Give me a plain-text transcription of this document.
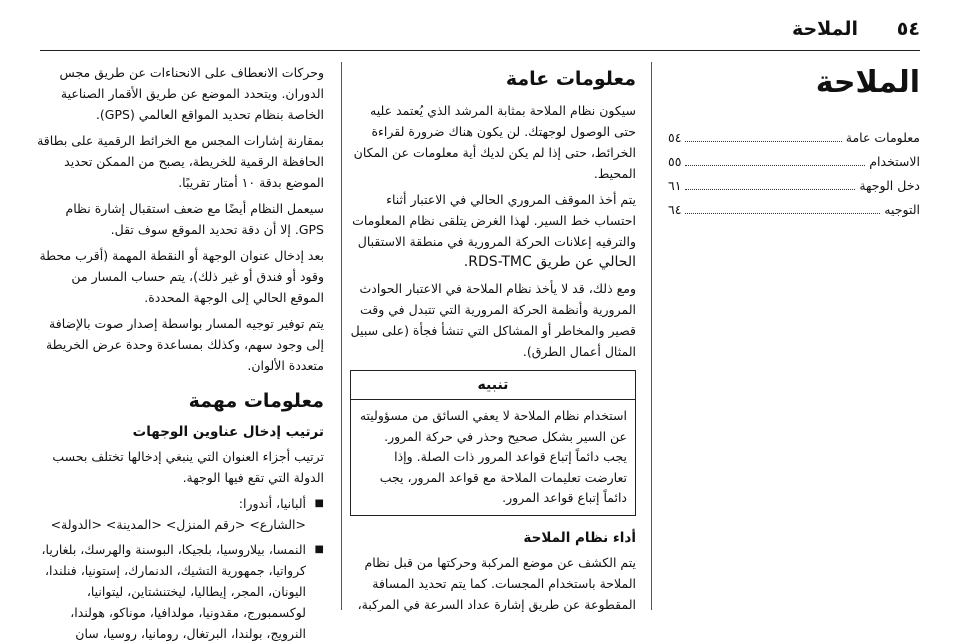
٥٤
الملاحة
الملاحة
معلومات عامة
٥٤
الاستخدام
٥٥
دخل الوجهة
٦١
التوجيه
٦٤
معلومات عامة

سيكون نظام الملاحة بمثابة المرشد الذي يُعتمد عليه حتى الوصول لوجهتك. لن يكون هناك ضرورة لقراءة الخرائط، حتى إذا لم يكن لديك أية معلومات عن المكان المحيط.

يتم أخذ الموقف المروري الحالي في الاعتبار أثناء احتساب خط السير. لهذا الغرض يتلقى نظام المعلومات والترفيه إعلانات الحركة المرورية في منطقة الاستقبال

الحالي عن طريق RDS-TMC.

ومع ذلك، قد لا يأخذ نظام الملاحة في الاعتبار الحوادث المرورية وأنظمة الحركة المرورية التي تتبدل في وقت قصير والمخاطر أو المشاكل التي تنشأ فجأة (على سبيل المثال أعمال الطرق).

تنبيه
استخدام نظام الملاحة لا يعفي السائق من مسؤوليته عن السير بشكل صحيح وحذر في حركة المرور. يجب دائماً إتباع قواعد المرور ذات الصلة. وإذا تعارضت تعليمات الملاحة مع قواعد المرور، يجب دائماً إتباع قواعد المرور.
أداء نظام الملاحة

يتم الكشف عن موضع المركبة وحركتها من قبل نظام الملاحة باستخدام المجسات. كما يتم تحديد المسافة المقطوعة عن طريق إشارة عداد السرعة في المركبة،

وحركات الانعطاف على الانحناءات عن طريق مجس الدوران. ويتحدد الموضع عن طريق الأقمار الصناعية الخاصة بنظام تحديد المواقع العالمي (GPS).

بمقارنة إشارات المجس مع الخرائط الرقمية على بطاقة الحافظة الرقمية للخريطة، يصبح من الممكن تحديد الموضع بدقة ١٠ أمتار تقريبًا.

سيعمل النظام أيضًا مع ضعف استقبال إشارة نظام GPS. إلا أن دقة تحديد الموقع سوف تقل.

بعد إدخال عنوان الوجهة أو النقطة المهمة (أقرب محطة وقود أو فندق أو غير ذلك)، يتم حساب المسار من الموقع الحالي إلى الوجهة المحددة.

يتم توفير توجيه المسار بواسطة إصدار صوت بالإضافة إلى وجود سهم، وكذلك بمساعدة وحدة عرض الخريطة متعددة الألوان.

معلومات مهمة
ترتيب إدخال عناوين الوجهات

ترتيب أجزاء العنوان التي ينبغي إدخالها تختلف بحسب الدولة التي تقع فيها الوجهة.

■ ألبانيا، أندورا:
<الشارع> <رقم المنزل> <المدينة> <الدولة>
■ النمسا، بيلاروسيا، بلجيكا، البوسنة والهرسك، بلغاريا، كرواتيا، جمهورية التشيك، الدنمارك، إستونيا، فنلندا، اليونان، المجر، إيطاليا، ليختنشتاين، ليتوانيا، لوكسمبورج، مقدونيا، مولدافيا، موناكو، هولندا، النرويج، بولندا، البرتغال، رومانيا، روسيا، سان
